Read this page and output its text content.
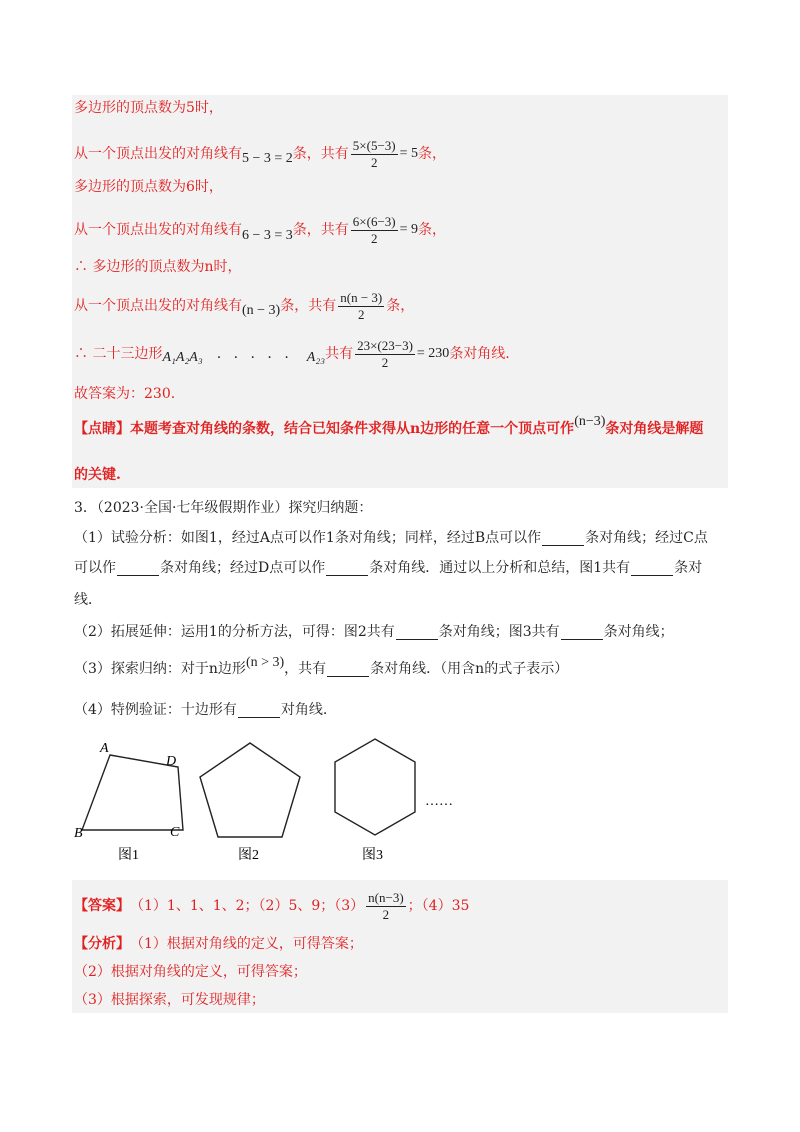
多边形的顶点数为5时，
从一个顶点出发的对角线有 5 − 3 = 2 条，共有 $\frac{5\times(5-3)}{2} = 5$ 条，
多边形的顶点数为6时，
从一个顶点出发的对角线有 6 − 3 = 3 条，共有 $\frac{6\times(6-3)}{2} = 9$ 条，
∴ 多边形的顶点数为n时，
从一个顶点出发的对角线有 (n − 3) 条，共有 $\frac{n(n - 3)}{2}$ 条，
∴ 二十三边形 A₁A₂A₃ . . . . . A₂₃ 共有 $\frac{23\times(23-3)}{2} = 230$ 条对角线.
故答案为：230.
【点睛】本题考查对角线的条数，结合已知条件求得从n边形的任意一个顶点可作 (n−3) 条对角线是解题
的关键.
3．（2023·全国·七年级假期作业）探究归纳题：
（1）试验分析：如图1，经过A点可以作1条对角线；同样，经过B点可以作	条对角线；经过C点
可以作	条对角线；经过D点可以作	条对角线．通过以上分析和总结，图1共有	条对
线．
（2）拓展延伸：运用1的分析方法，可得：图2共有	条对角线；图3共有	条对角线；
（3）探索归纳：对于n边形 (n > 3) ，共有	条对角线．（用含n的式子表示）
（4）特例验证：十边形有	对角线.
A
D
B	C
……
图1	图2	图3
【答案】 （1）1、1、1、2；（2）5、9；$(3) \frac{n(n-3)}{2}$ ；（4）35
【分析】 （1）根据对角线的定义，可得答案；
（2）根据对角线的定义，可得答案；
（3）根据探索，可发现规律；
